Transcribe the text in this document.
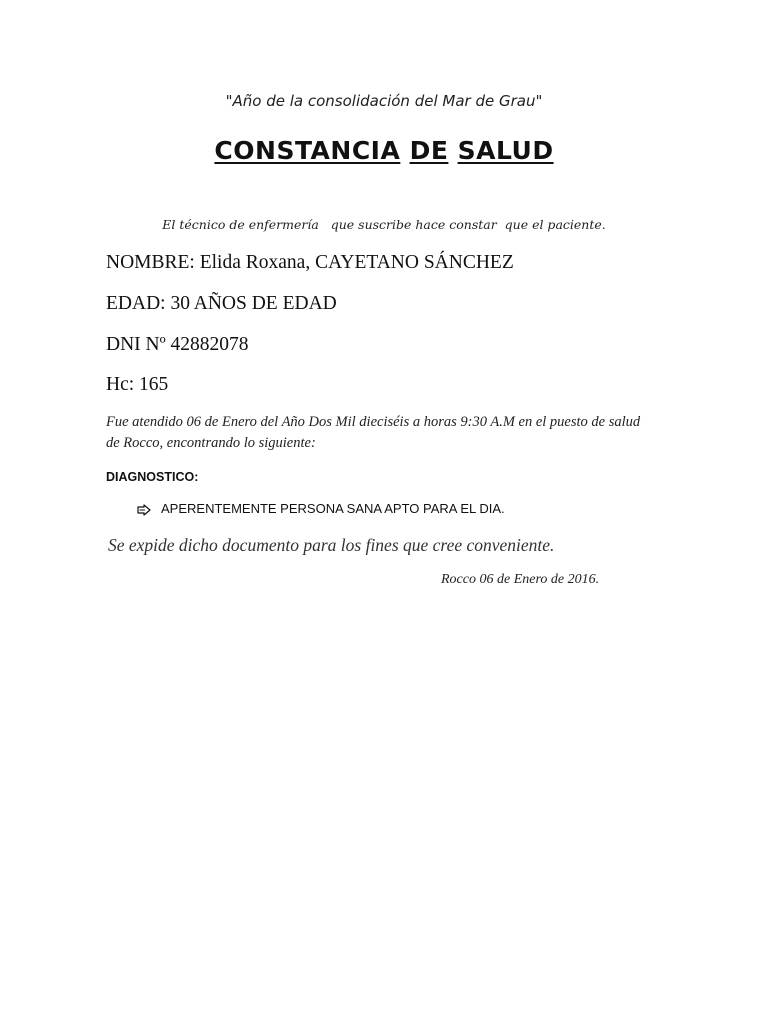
"Año de la consolidación del Mar de Grau"
CONSTANCIA DE SALUD
El técnico de enfermería   que suscribe hace constar  que el paciente.
NOMBRE: Elida Roxana, CAYETANO SÁNCHEZ
EDAD: 30 AÑOS DE EDAD
DNI Nº 42882078
Hc: 165
Fue atendido 06 de Enero del Año Dos Mil dieciséis a horas 9:30 A.M en el puesto de salud de Rocco, encontrando lo siguiente:
DIAGNOSTICO:
APERENTEMENTE PERSONA SANA APTO PARA EL DIA.
Se expide dicho documento para los fines que cree conveniente.
Rocco 06 de Enero de 2016.
